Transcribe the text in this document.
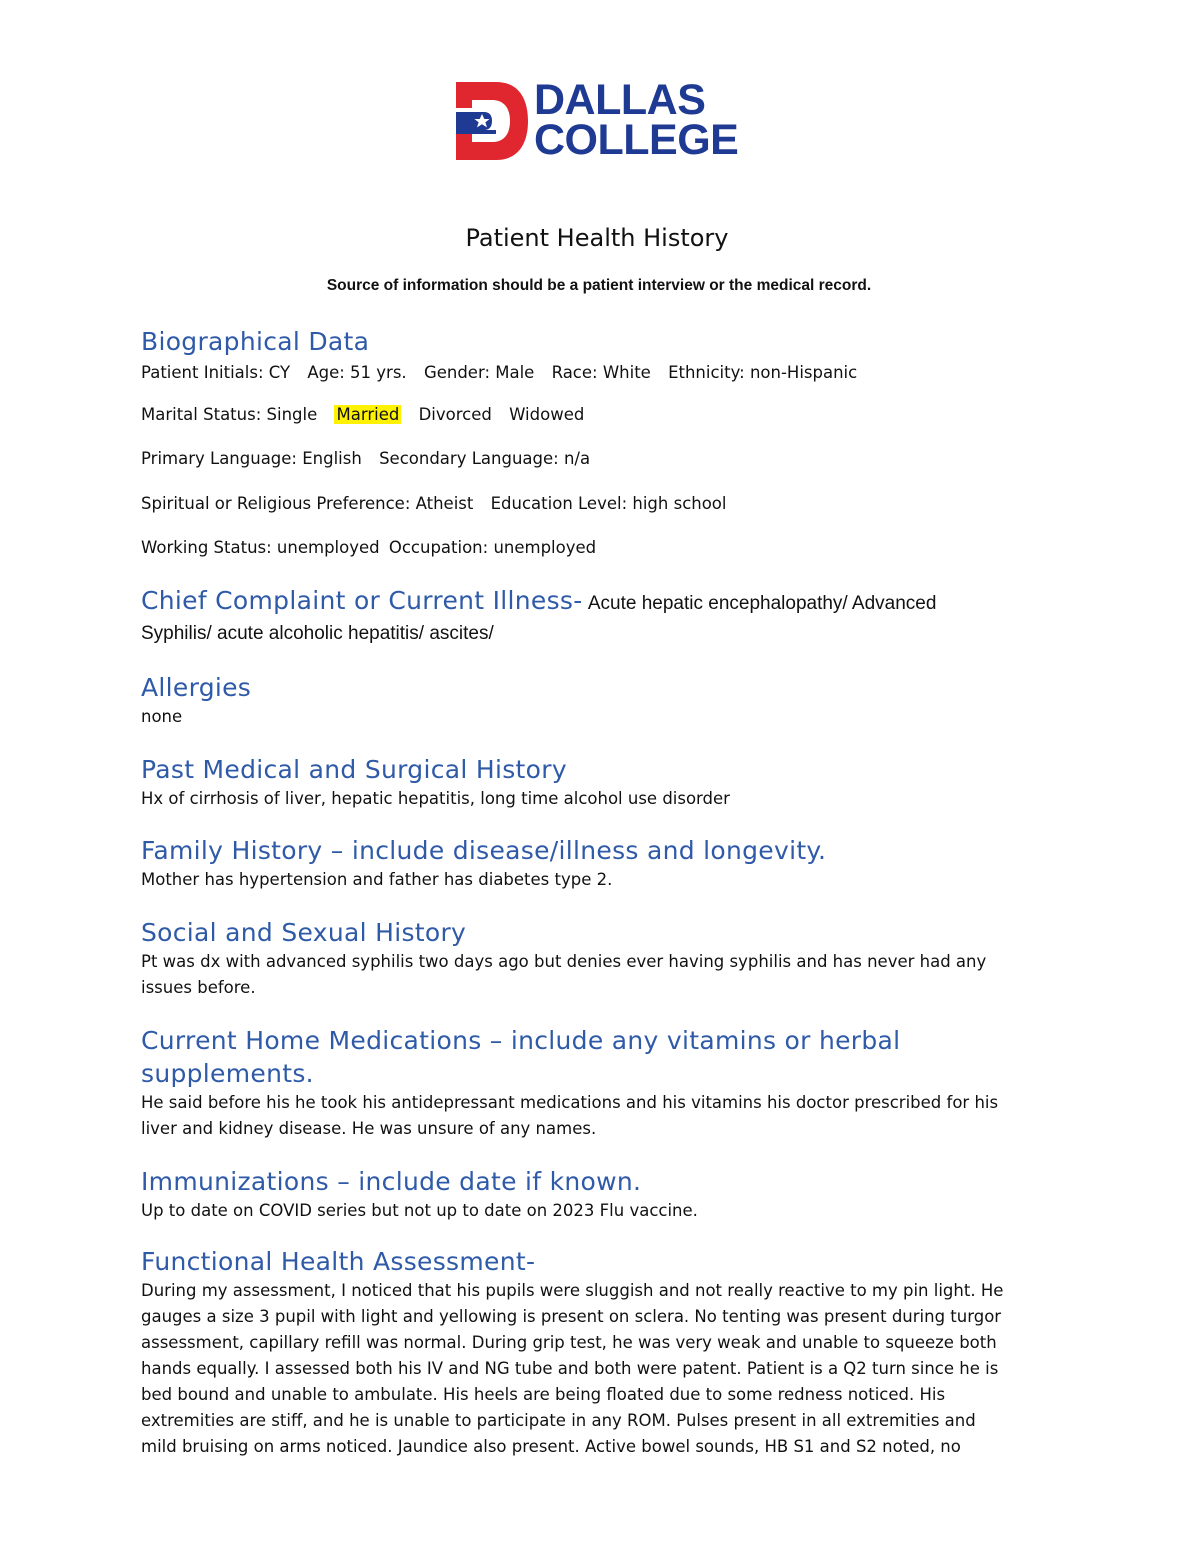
DALLAS
COLLEGE
Patient Health History
Source of information should be a patient interview or the medical record.
Biographical Data
Patient Initials: CY Age: 51 yrs. Gender: Male Race: White Ethnicity: non-Hispanic
Marital Status: Single Married Divorced Widowed
Primary Language: English Secondary Language: n/a
Spiritual or Religious Preference: Atheist Education Level: high school
Working Status: unemployed Occupation: unemployed
Chief Complaint or Current Illness- Acute hepatic encephalopathy/ Advanced
Syphilis/ acute alcoholic hepatitis/ ascites/
Allergies
none
Past Medical and Surgical History
Hx of cirrhosis of liver, hepatic hepatitis, long time alcohol use disorder
Family History – include disease/illness and longevity.
Mother has hypertension and father has diabetes type 2.
Social and Sexual History
Pt was dx with advanced syphilis two days ago but denies ever having syphilis and has never had any
issues before.
Current Home Medications – include any vitamins or herbal
supplements.
He said before his he took his antidepressant medications and his vitamins his doctor prescribed for his
liver and kidney disease. He was unsure of any names.
Immunizations – include date if known.
Up to date on COVID series but not up to date on 2023 Flu vaccine.
Functional Health Assessment-
During my assessment, I noticed that his pupils were sluggish and not really reactive to my pin light. He
gauges a size 3 pupil with light and yellowing is present on sclera. No tenting was present during turgor
assessment, capillary refill was normal. During grip test, he was very weak and unable to squeeze both
hands equally. I assessed both his IV and NG tube and both were patent. Patient is a Q2 turn since he is
bed bound and unable to ambulate. His heels are being floated due to some redness noticed. His
extremities are stiff, and he is unable to participate in any ROM. Pulses present in all extremities and
mild bruising on arms noticed. Jaundice also present. Active bowel sounds, HB S1 and S2 noted, no
